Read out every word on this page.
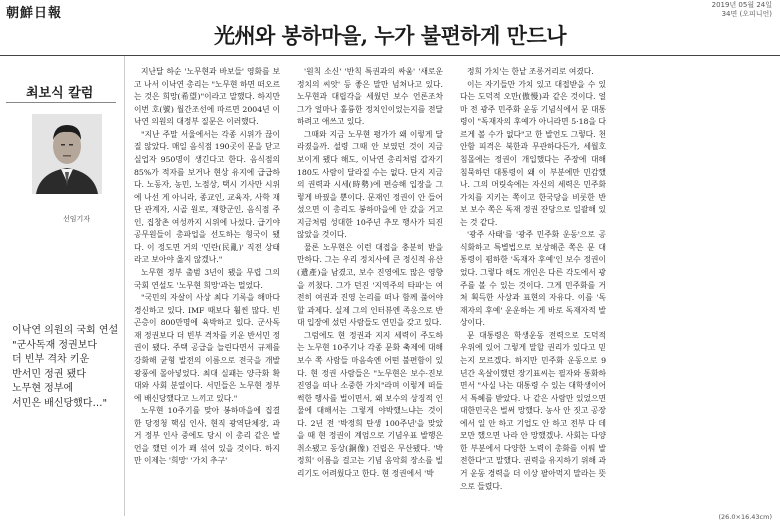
朝鮮日報
2019년 05월 24일
34면 (오피니언)
光州와 봉하마을, 누가 불편하게 만드나
최보식 칼럼
선임기자
이낙연 의원의 국회 연설
"군사독재 정권보다
더 빈부 격차 키운
반서민 정권 됐다
노무현 정부에
서민은 배신당했다…"

지난달 하순 '노무현과 바보들' 영화를 보고 나서 이낙연 총리는 "노무현 하면 떠오르는 것은 희망(希望)"이라고 말했다. 하지만 이번 호(號) 월간조선에 따르면 2004년 이낙연 의원의 대정부 질문은 이러했다.

"지난 주말 서울에서는 각종 시위가 끊이질 않았다. 매일 음식점 190곳이 문을 닫고 실업자 950명이 생긴다고 한다. 음식점의 85%가 적자를 보거나 현상 유지에 급급하다. 노동자, 농민, 노점상, 택시 기사만 시위에 나선 게 아니라, 종교인, 교육자, 사학 재단 관계자, 시골 원로, 재향군인, 음식점 주인, 집창촌 여성까지 시위에 나섰다. 급기야 공무원들이 총파업을 선도하는 형국이 됐다. 이 정도면 거의 '민란(民亂)' 직전 상태라고 보아야 옳지 않겠나."

노무현 정부 출범 3년이 됐을 무렵 그의 국회 연설도 '노무현 희망'과는 멀었다.

"국민의 자살이 사상 최다 기록을 해마다 경신하고 있다. IMF 때보다 훨씬 많다. 빈곤층이 800만명에 육박하고 있다. 군사독재 정권보다 더 빈부 격차를 키운 반서민 정권이 됐다. 주택 공급을 늘린다면서 규제를 강화해 균형 발전의 이름으로 전국을 개발 광풍에 몰아넣었다. 최대 실패는 양극화 확대와 사회 분열이다. 서민들은 노무현 정부에 배신당했다고 느끼고 있다."

노무현 10주기를 맞아 봉하마을에 집결한 당정청 핵심 인사, 현직 광역단체장, 과거 정부 인사 중에도 당시 이 총리 같은 발언을 했던 이가 꽤 섞여 있을 것이다. 하지만 이제는 '희망' '가치 추구'

'원칙 소신' '반칙 특권과의 싸움' '새로운 정치의 씨앗' 등 좋은 말만 넘쳐나고 있다. 노무현과 대립각을 세웠던 보수 언론조차 그가 얼마나 훌륭한 정치인이었는지를 전달하려고 애쓰고 있다.

그때와 지금 노무현 평가가 왜 이렇게 달라졌을까. 설령 그때 안 보였던 것이 지금 보이게 됐다 해도, 이낙연 총리처럼 갑자기 180도 사람이 달라질 수는 없다. 단지 지금의 권력과 시세(時勢)에 편승해 입장을 그렇게 바꿨을 뿐이다. 문재인 정권이 안 들어섰으면 이 총리도 봉하마을에 안 갔을 거고 지금처럼 성대한 10주년 추모 행사가 되진 않았을 것이다.

물론 노무현은 이런 대접을 충분히 받을 만하다. 그는 우리 정치사에 큰 정신적 유산(遺產)을 남겼고, 보수 진영에도 많은 영향을 끼쳤다. 그가 던진 '지역주의 타파'는 여전히 여권과 진영 논리를 떠나 함께 풀어야 할 과제다. 실제 그의 인터뷰엔 족응으로 반대 입장에 섰던 사람들도 연민을 갖고 있다.

그럼에도 현 정권과 지지 세력이 주도하는 노무현 10주기나 각종 문화 축제에 대해 보수 쪽 사람들 마음속엔 어떤 불편함이 있다. 현 정권 사람들은 "노무현은 보수·진보 진영을 떠나 소중한 가치"라며 이렇게 떠들썩한 행사를 벌이면서, 왜 보수의 상징적 인물에 대해서는 그렇게 야박했느냐는 것이다. 2년 전 '박정희 탄생 100주년'을 맞았을 때 현 정권이 계엄으로 기념우표 발행은 취소됐고 동상(銅像) 건립은 무산됐다. '박정희' 이름을 걸고는 기념 음악회 장소를 빌리기도 어려웠다고 한다. 현 정권에서 '박

정희 가치'는 한낱 조롱거리로 여겼다.

이는 자기들만 가치 있고 대접받을 수 있다는 도덕적 오만(傲慢)과 같은 것이다. 얼마 전 광주 민주화 운동 기념식에서 문 대통령이 "독재자의 후예가 아니라면 5·18을 다르게 볼 수가 없다"고 한 발언도 그렇다. 천안함 피격은 북한과 무관하다든가, 세월호 침몰에는 정권이 개입했다는 주장에 대해 침묵하던 대통령이 왜 이 부분에만 민감했나. 그의 머릿속에는 자신의 세력은 민주화 가치를 지키는 쪽이고 한국당을 비롯한 반보 보수 쪽은 독재 정권 잔당으로 일괄해 있는 것 같다.

'광주 사태'를 '광주 민주화 운동'으로 공식화하고 특별법으로 보상해준 쪽은 문 대통령이 폄하한 '독재자 후예'인 보수 정권이었다. 그렇다 해도 개인은 다른 각도에서 광주를 볼 수 있는 것이다. 그게 민주화를 거쳐 획득한 사상과 표현의 자유다. 이를 '독재자의 후예' 운운하는 게 바로 독재자적 발상이다.

문 대통령은 학생운동 전력으로 도덕적 우위에 있어 그렇게 말할 권리가 있다고 믿는지 모르겠다. 하지만 민주화 운동으로 9년간 옥살이했던 장기표씨는 필자와 통화하면서 "사실 나는 대통령 수 있는 대학생이어서 특혜를 받았다. 나 같은 사람만 있었으면 대한민국은 벌써 망했다. 농사 안 짓고 공장에서 일 안 하고 기업도 안 하고 전부 다 데모만 했으면 나라 안 망했겠나. 사회는 다양한 부분에서 다양한 노력이 총화를 이뤄 발전한다"고 말했다. 권력을 유지하기 위해 과거 운동 경력을 더 이상 팔아먹지 말라는 뜻으로 들렸다.

(26.0×16.43cm)
